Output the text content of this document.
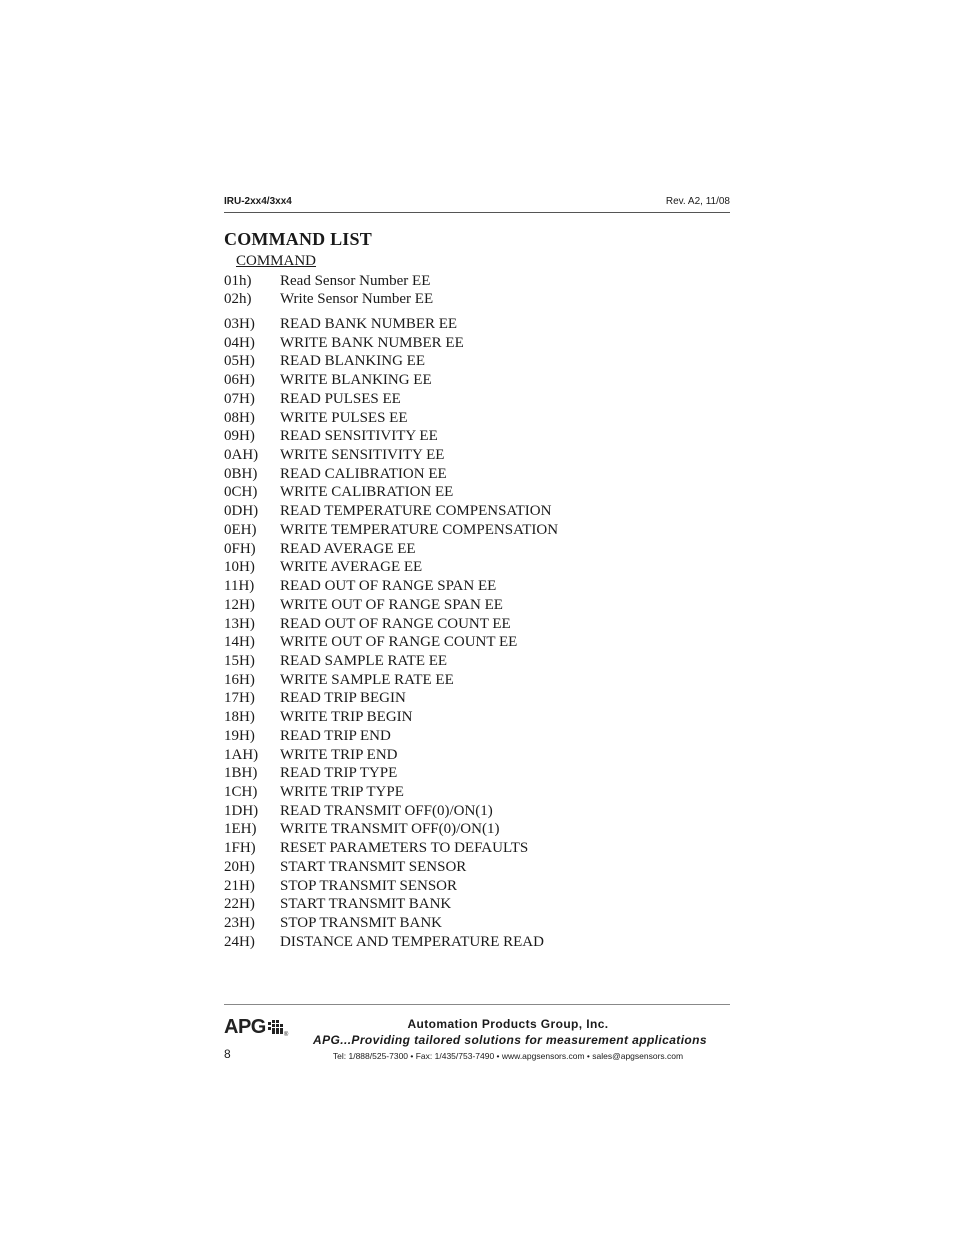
IRU-2xx4/3xx4	Rev. A2, 11/08
COMMAND LIST
COMMAND
01h)	Read Sensor Number EE
02h)	Write Sensor Number EE
03H)	READ BANK NUMBER EE
04H)	WRITE BANK NUMBER EE
05H)	READ BLANKING EE
06H)	WRITE BLANKING EE
07H)	READ PULSES EE
08H)	WRITE PULSES EE
09H)	READ SENSITIVITY EE
0AH)	WRITE SENSITIVITY EE
0BH)	READ CALIBRATION EE
0CH)	WRITE CALIBRATION EE
0DH)	READ TEMPERATURE COMPENSATION
0EH)	WRITE TEMPERATURE COMPENSATION
0FH)	READ AVERAGE EE
10H)	WRITE AVERAGE EE
11H)	READ OUT OF RANGE SPAN EE
12H)	WRITE OUT OF RANGE SPAN EE
13H)	READ OUT OF RANGE COUNT EE
14H)	WRITE OUT OF RANGE COUNT EE
15H)	READ SAMPLE RATE EE
16H)	WRITE SAMPLE RATE EE
17H)	READ TRIP BEGIN
18H)	WRITE TRIP BEGIN
19H)	READ TRIP END
1AH)	WRITE TRIP END
1BH)	READ TRIP TYPE
1CH)	WRITE TRIP TYPE
1DH)	READ TRANSMIT OFF(0)/ON(1)
1EH)	WRITE TRANSMIT OFF(0)/ON(1)
1FH)	RESET PARAMETERS TO DEFAULTS
20H)	START TRANSMIT SENSOR
21H)	STOP TRANSMIT SENSOR
22H)	START TRANSMIT BANK
23H)	STOP TRANSMIT BANK
24H)	DISTANCE AND TEMPERATURE READ
APG	®
Automation Products Group, Inc.
APG...Providing tailored solutions for measurement applications
Tel: 1/888/525-7300 • Fax: 1/435/753-7490 • www.apgsensors.com • sales@apgsensors.com
8
